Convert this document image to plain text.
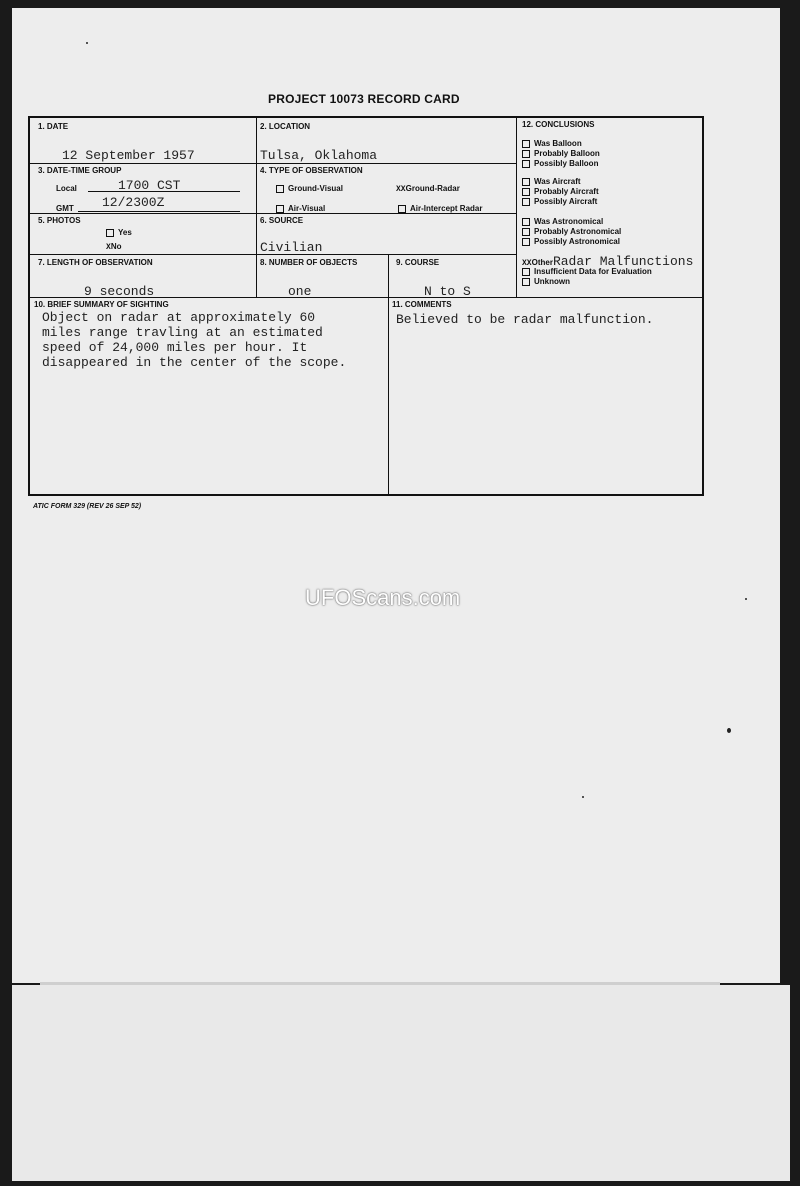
PROJECT 10073 RECORD CARD
1. DATE
12 September 1957
2. LOCATION
Tulsa, Oklahoma
3. DATE-TIME GROUP
Local	1700 CST
GMT 12/2300Z
4. TYPE OF OBSERVATION
Ground-Visual	XXGround-Radar
Air-Visual	Air-Intercept Radar
5. PHOTOS
Yes
XNo
6. SOURCE
Civilian
7. LENGTH OF OBSERVATION
9 seconds
8. NUMBER OF OBJECTS
one
9. COURSE
N to S
10. BRIEF SUMMARY OF SIGHTING
Object on radar at approximately 60
miles range travling at an estimated
speed of 24,000 miles per hour. It
disappeared in the center of the scope.
11. COMMENTS
Believed to be radar malfunction.
12. CONCLUSIONS
Was Balloon
Probably Balloon
Possibly Balloon
Was Aircraft
Probably Aircraft
Possibly Aircraft
Was Astronomical
Probably Astronomical
Possibly Astronomical
XXOtherRadar Malfunctions
Insufficient Data for Evaluation
Unknown
ATIC FORM 329 (REV 26 SEP 52)
UFOScans.com
